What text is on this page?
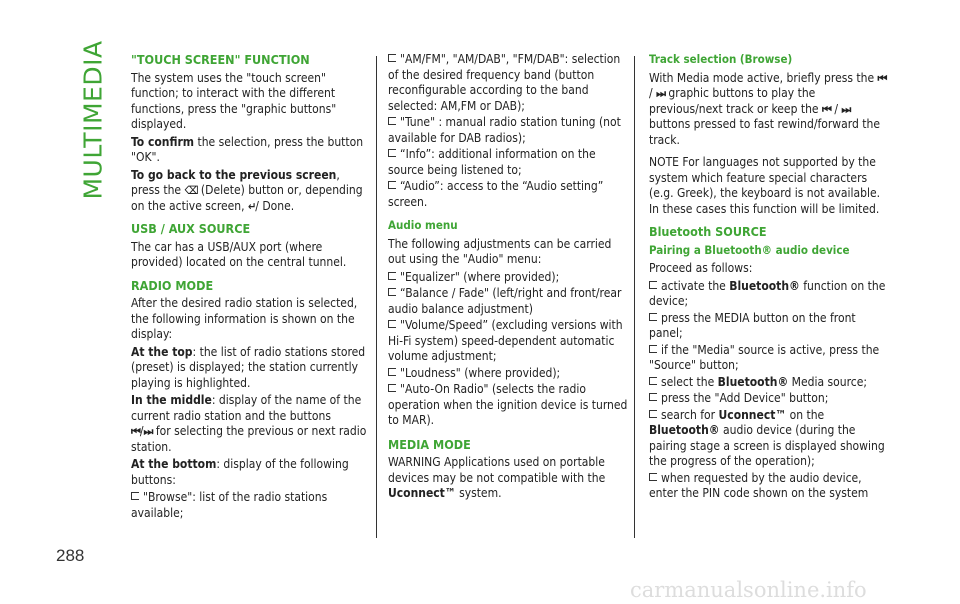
MULTIMEDIA
288
"TOUCH SCREEN" FUNCTION

The system uses the "touch screen" function; to interact with the different functions, press the "graphic buttons" displayed.

To confirm the selection, press the button "OK".

To go back to the previous screen, press the ⌫ (Delete) button or, depending on the active screen, ↵/ Done.

USB / AUX SOURCE

The car has a USB/AUX port (where provided) located on the central tunnel.

RADIO MODE

After the desired radio station is selected, the following information is shown on the display:

At the top: the list of radio stations stored (preset) is displayed; the station currently playing is highlighted.

In the middle: display of the name of the current radio station and the buttons
⏮/⏭ for selecting the previous or next radio station.

At the bottom: display of the following buttons:

"Browse": list of the radio stations available;

"AM/FM", "AM/DAB", "FM/DAB": selection of the desired frequency band (button reconfigurable according to the band selected: AM,FM or DAB);

"Tune" : manual radio station tuning (not available for DAB radios);

“Info”: additional information on the source being listened to;

“Audio”: access to the “Audio setting” screen.

Audio menu

The following adjustments can be carried out using the "Audio" menu:

"Equalizer" (where provided);

“Balance / Fade" (left/right and front/rear audio balance adjustment)

"Volume/Speed” (excluding versions with Hi-Fi system) speed-dependent automatic volume adjustment;

"Loudness" (where provided);

"Auto-On Radio" (selects the radio operation when the ignition device is turned to MAR).

MEDIA MODE

WARNING Applications used on portable devices may be not compatible with the Uconnect™ system.

Track selection (Browse)

With Media mode active, briefly press the ⏮ / ⏭ graphic buttons to play the previous/next track or keep the ⏮ / ⏭ buttons pressed to fast rewind/forward the track.

NOTE For languages not supported by the system which feature special characters (e.g. Greek), the keyboard is not available. In these cases this function will be limited.

Bluetooth SOURCE
Pairing a Bluetooth® audio device

Proceed as follows:

activate the Bluetooth® function on the device;

press the MEDIA button on the front panel;

if the "Media" source is active, press the "Source" button;

select the Bluetooth® Media source;

press the "Add Device" button;

search for Uconnect™ on the Bluetooth® audio device (during the pairing stage a screen is displayed showing the progress of the operation);

when requested by the audio device, enter the PIN code shown on the system

carmanualsonline.info
